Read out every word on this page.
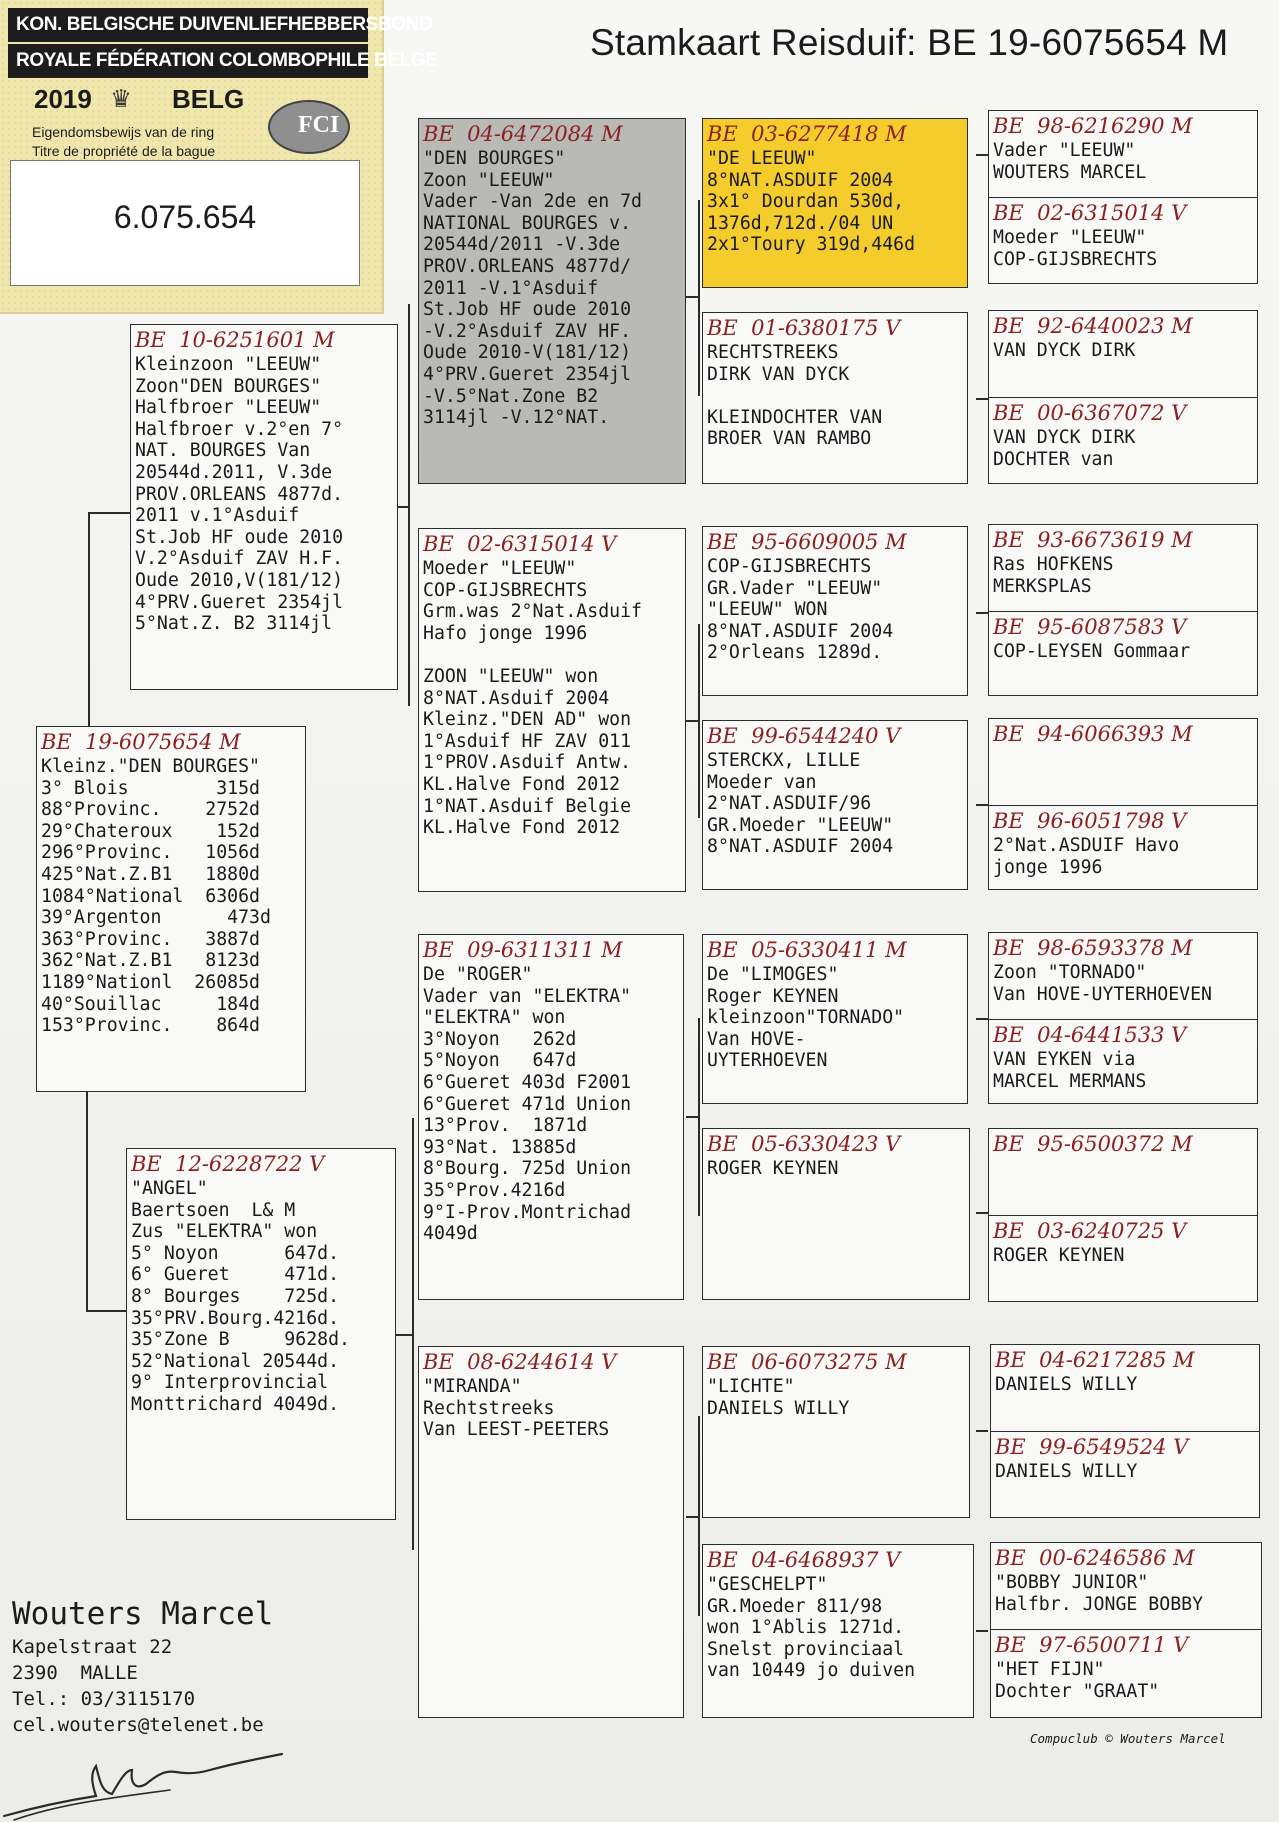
KON. BELGISCHE DUIVENLIEFHEBBERSBOND
ROYALE FÉDÉRATION COLOMBOPHILE BELGE
2019 ♛ BELG
Eigendomsbewijs van de ring
Titre de propriété de la bague
FCI
6.075.654
Stamkaart Reisduif: BE 19-6075654 M
BE  19-6075654 M
Kleinz."DEN BOURGES"
3° Blois        315d
88°Provinc.    2752d
29°Chateroux    152d
296°Provinc.   1056d
425°Nat.Z.B1   1880d
1084°National  6306d
39°Argenton      473d
363°Provinc.   3887d
362°Nat.Z.B1   8123d
1189°Nationl  26085d
40°Souillac     184d
153°Provinc.    864d
BE  10-6251601 M
Kleinzoon "LEEUW"
Zoon"DEN BOURGES"
Halfbroer "LEEUW"
Halfbroer v.2°en 7°
NAT. BOURGES Van
20544d.2011, V.3de
PROV.ORLEANS 4877d.
2011 v.1°Asduif
St.Job HF oude 2010
V.2°Asduif ZAV H.F.
Oude 2010,V(181/12)
4°PRV.Gueret 2354jl
5°Nat.Z. B2 3114jl
BE  12-6228722 V
"ANGEL"
Baertsoen  L& M
Zus "ELEKTRA" won
5° Noyon      647d.
6° Gueret     471d.
8° Bourges    725d.
35°PRV.Bourg.4216d.
35°Zone B     9628d.
52°National 20544d.
9° Interprovincial
Monttrichard 4049d.
BE  04-6472084 M
"DEN BOURGES"
Zoon "LEEUW"
Vader -Van 2de en 7d
NATIONAL BOURGES v.
20544d/2011 -V.3de
PROV.ORLEANS 4877d/
2011 -V.1°Asduif
St.Job HF oude 2010
-V.2°Asduif ZAV HF.
Oude 2010-V(181/12)
4°PRV.Gueret 2354jl
-V.5°Nat.Zone B2
3114jl -V.12°NAT.
BE  02-6315014 V
Moeder "LEEUW"
COP-GIJSBRECHTS
Grm.was 2°Nat.Asduif
Hafo jonge 1996

ZOON "LEEUW" won
8°NAT.Asduif 2004
Kleinz."DEN AD" won
1°Asduif HF ZAV 011
1°PROV.Asduif Antw.
KL.Halve Fond 2012
1°NAT.Asduif Belgie
KL.Halve Fond 2012
BE  09-6311311 M
De "ROGER"
Vader van "ELEKTRA"
"ELEKTRA" won
3°Noyon   262d
5°Noyon   647d
6°Gueret 403d F2001
6°Gueret 471d Union
13°Prov.  1871d
93°Nat. 13885d
8°Bourg. 725d Union
35°Prov.4216d
9°I-Prov.Montrichad
4049d
BE  08-6244614 V
"MIRANDA"
Rechtstreeks
Van LEEST-PEETERS
BE  03-6277418 M
"DE LEEUW"
8°NAT.ASDUIF 2004
3x1° Dourdan 530d,
1376d,712d./04 UN
2x1°Toury 319d,446d
BE  01-6380175 V
RECHTSTREEKS
DIRK VAN DYCK

KLEINDOCHTER VAN
BROER VAN RAMBO
BE  95-6609005 M
COP-GIJSBRECHTS
GR.Vader "LEEUW"
"LEEUW" WON
8°NAT.ASDUIF 2004
2°Orleans 1289d.
BE  99-6544240 V
STERCKX, LILLE
Moeder van
2°NAT.ASDUIF/96
GR.Moeder "LEEUW"
8°NAT.ASDUIF 2004
BE  05-6330411 M
De "LIMOGES"
Roger KEYNEN
kleinzoon"TORNADO"
Van HOVE-
UYTERHOEVEN
BE  05-6330423 V
ROGER KEYNEN
BE  06-6073275 M
"LICHTE"
DANIELS WILLY
BE  04-6468937 V
"GESCHELPT"
GR.Moeder 811/98
won 1°Ablis 1271d.
Snelst provinciaal
van 10449 jo duiven
BE  98-6216290 M
Vader "LEEUW"
WOUTERS MARCEL
BE  02-6315014 V
Moeder "LEEUW"
COP-GIJSBRECHTS
BE  92-6440023 M
VAN DYCK DIRK
BE  00-6367072 V
VAN DYCK DIRK
DOCHTER van
BE  93-6673619 M
Ras HOFKENS
MERKSPLAS
BE  95-6087583 V
COP-LEYSEN Gommaar
BE  94-6066393 M
BE  96-6051798 V
2°Nat.ASDUIF Havo
jonge 1996
BE  98-6593378 M
Zoon "TORNADO"
Van HOVE-UYTERHOEVEN
BE  04-6441533 V
VAN EYKEN via
MARCEL MERMANS
BE  95-6500372 M
BE  03-6240725 V
ROGER KEYNEN
BE  04-6217285 M
DANIELS WILLY
BE  99-6549524 V
DANIELS WILLY
BE  00-6246586 M
"BOBBY JUNIOR"
Halfbr. JONGE BOBBY
BE  97-6500711 V
"HET FIJN"
Dochter "GRAAT"
Wouters Marcel
Kapelstraat 22
2390  MALLE
Tel.: 03/3115170
cel.wouters@telenet.be
Compuclub © Wouters Marcel
